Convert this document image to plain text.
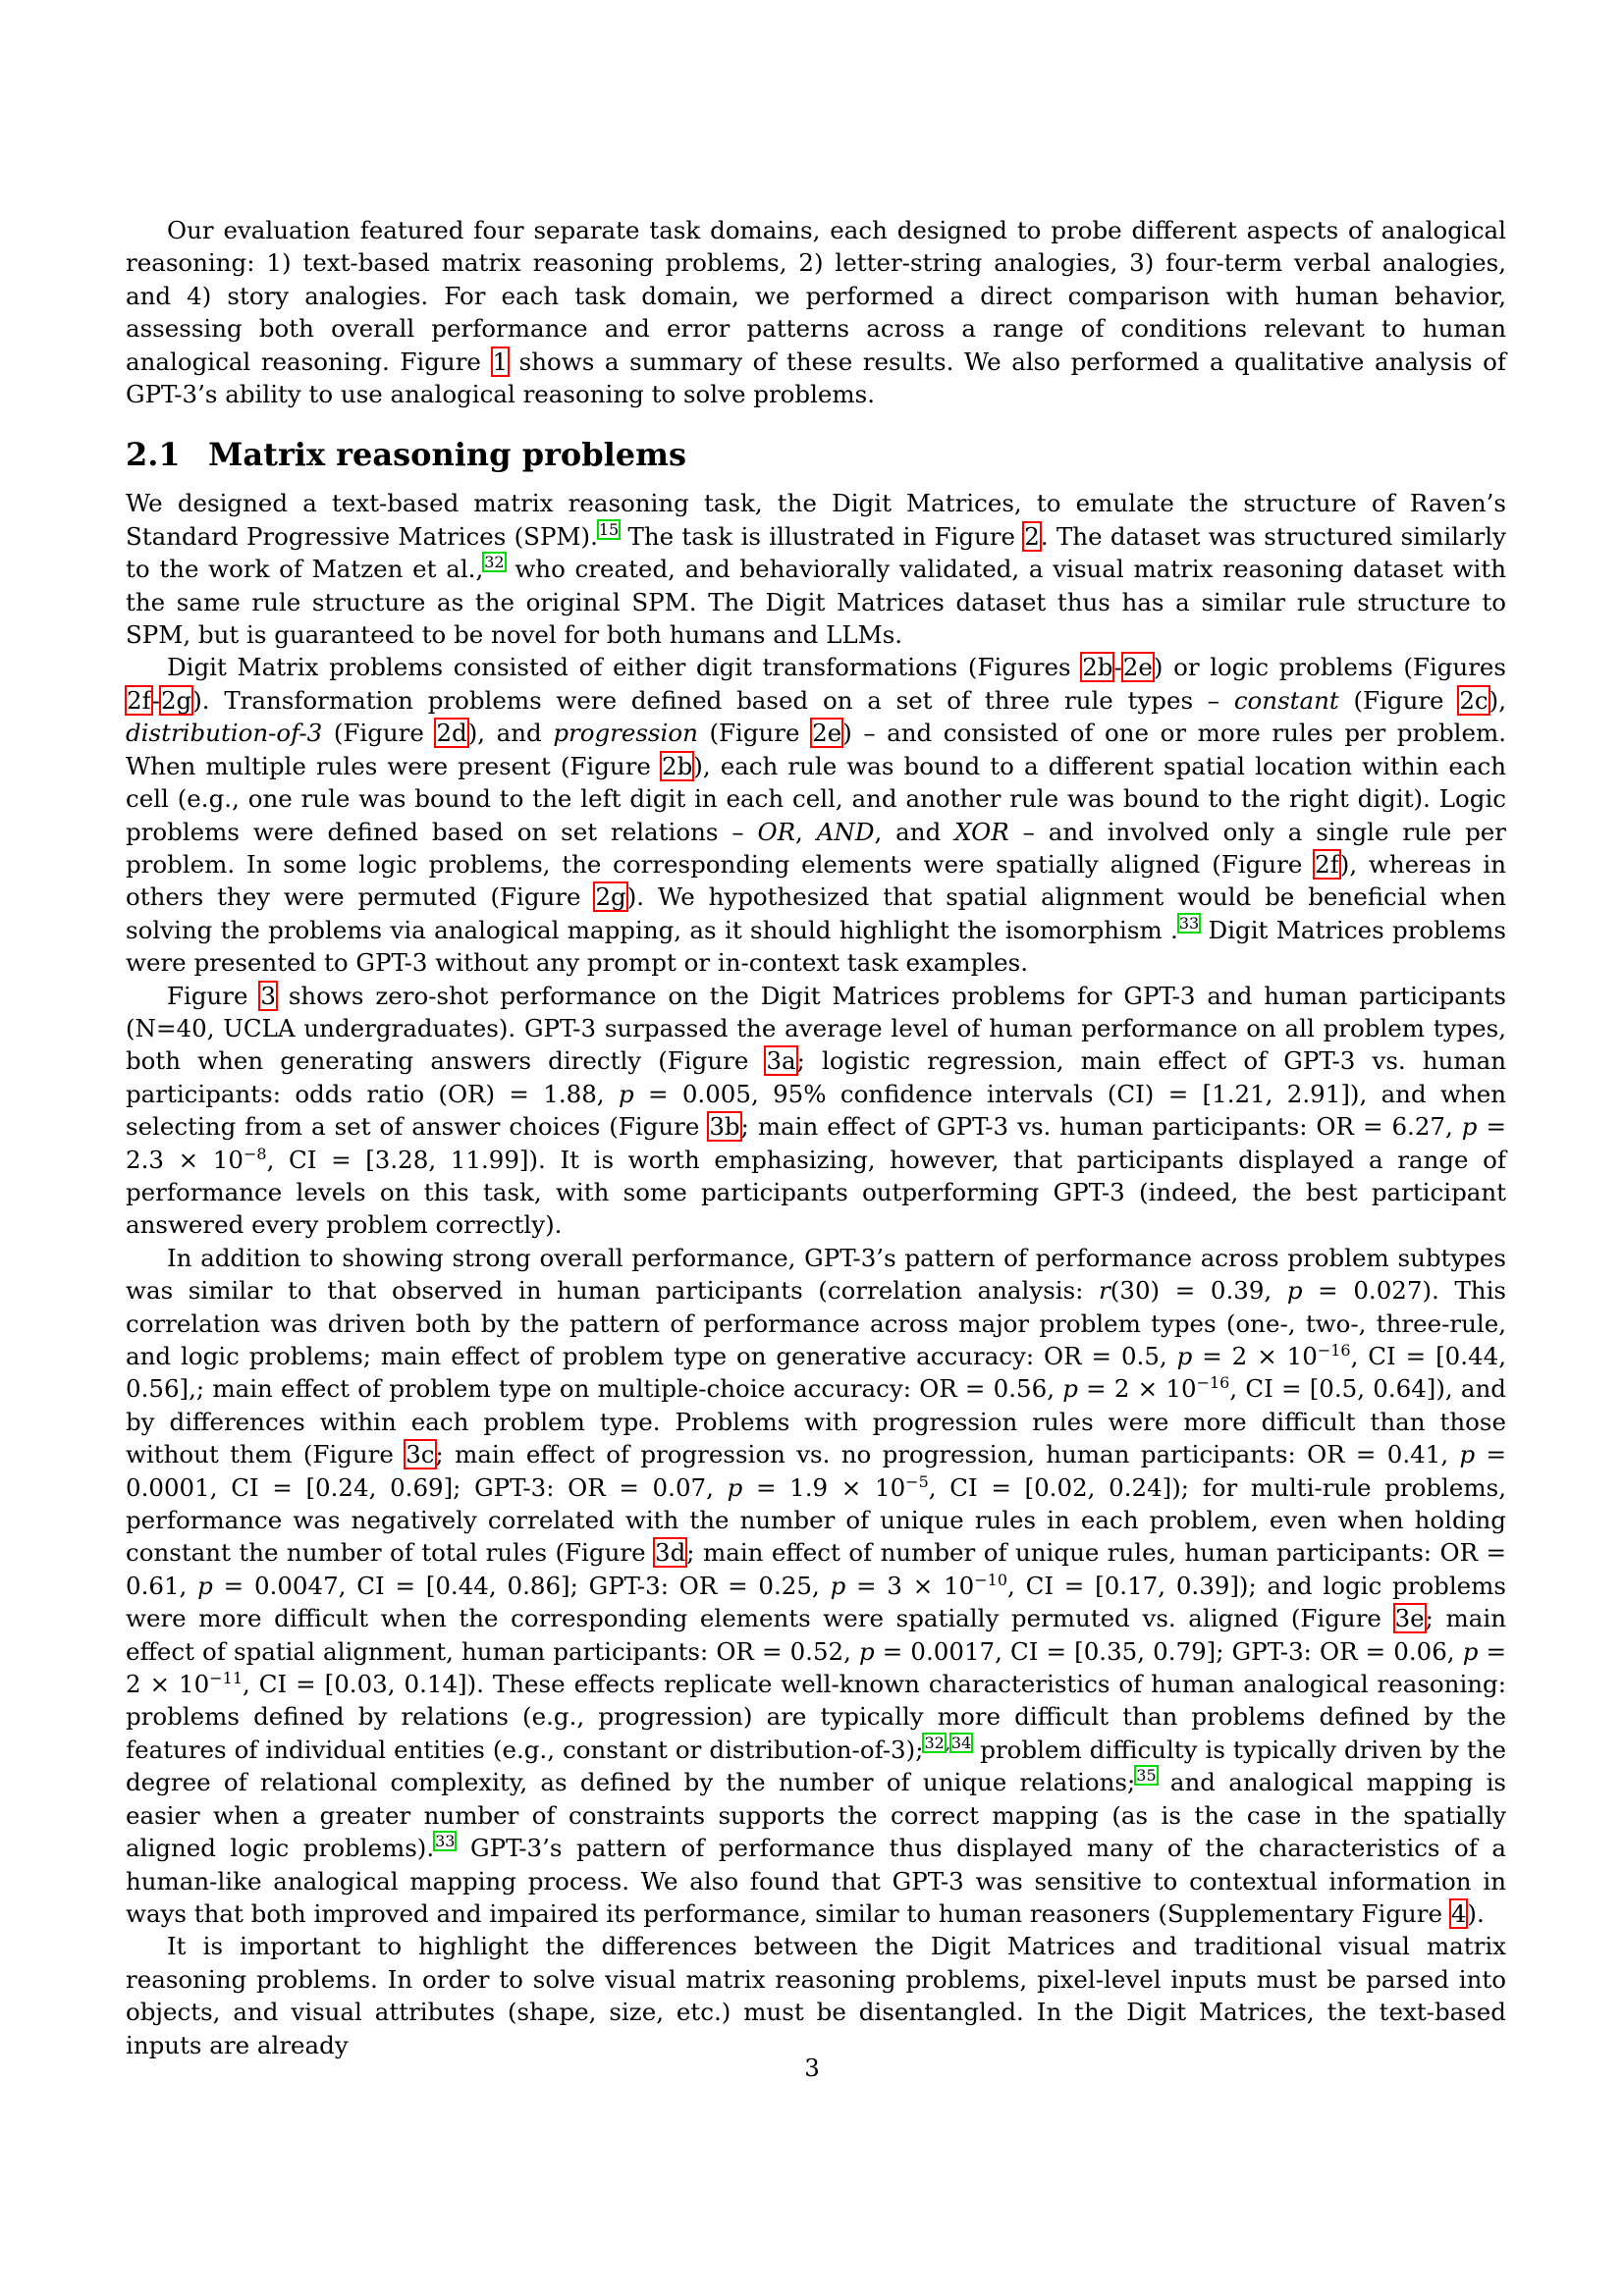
Our evaluation featured four separate task domains, each designed to probe different aspects of analogical reasoning: 1) text-based matrix reasoning problems, 2) letter-string analogies, 3) four-term verbal analogies, and 4) story analogies. For each task domain, we performed a direct comparison with human behavior, assessing both overall performance and error patterns across a range of conditions relevant to human analogical reasoning. Figure 1 shows a summary of these results. We also performed a qualitative analysis of GPT-3’s ability to use analogical reasoning to solve problems.

2.1 Matrix reasoning problems

We designed a text-based matrix reasoning task, the Digit Matrices, to emulate the structure of Raven’s Standard Progressive Matrices (SPM).$^{15}$ The task is illustrated in Figure 2. The dataset was structured similarly to the work of Matzen et al.,$^{32}$ who created, and behaviorally validated, a visual matrix reasoning dataset with the same rule structure as the original SPM. The Digit Matrices dataset thus has a similar rule structure to SPM, but is guaranteed to be novel for both humans and LLMs.

Digit Matrix problems consisted of either digit transformations (Figures 2b-2e) or logic problems (Figures 2f-2g). Transformation problems were defined based on a set of three rule types – constant (Figure 2c), distribution-of-3 (Figure 2d), and progression (Figure 2e) – and consisted of one or more rules per problem. When multiple rules were present (Figure 2b), each rule was bound to a different spatial location within each cell (e.g., one rule was bound to the left digit in each cell, and another rule was bound to the right digit). Logic problems were defined based on set relations – OR, AND, and XOR – and involved only a single rule per problem. In some logic problems, the corresponding elements were spatially aligned (Figure 2f), whereas in others they were permuted (Figure 2g). We hypothesized that spatial alignment would be beneficial when solving the problems via analogical mapping, as it should highlight the isomorphism .$^{33}$ Digit Matrices problems were presented to GPT-3 without any prompt or in-context task examples.

Figure 3 shows zero-shot performance on the Digit Matrices problems for GPT-3 and human participants (N=40, UCLA undergraduates). GPT-3 surpassed the average level of human performance on all problem types, both when generating answers directly (Figure 3a; logistic regression, main effect of GPT-3 vs. human participants: odds ratio (OR) = 1.88, p = 0.005, 95% confidence intervals (CI) = [1.21, 2.91]), and when selecting from a set of answer choices (Figure 3b; main effect of GPT-3 vs. human participants: OR = 6.27, $p = 2.3 \times 10^{-8}$, CI = [3.28, 11.99]). It is worth emphasizing, however, that participants displayed a range of performance levels on this task, with some participants outperforming GPT-3 (indeed, the best participant answered every problem correctly).

In addition to showing strong overall performance, GPT-3’s pattern of performance across problem subtypes was similar to that observed in human participants (correlation analysis: r(30) = 0.39, p = 0.027). This correlation was driven both by the pattern of performance across major problem types (one-, two-, three-rule, and logic problems; main effect of problem type on generative accuracy: OR = 0.5, $p = 2 \times 10^{-16}$, CI = [0.44, 0.56],; main effect of problem type on multiple-choice accuracy: OR = 0.56, $p = 2 \times 10^{-16}$, CI = [0.5, 0.64]), and by differences within each problem type. Problems with progression rules were more difficult than those without them (Figure 3c; main effect of progression vs. no progression, human participants: OR = 0.41, p = 0.0001, CI = [0.24, 0.69]; GPT-3: OR = 0.07, $p = 1.9 \times 10^{-5}$, CI = [0.02, 0.24]); for multi-rule problems, performance was negatively correlated with the number of unique rules in each problem, even when holding constant the number of total rules (Figure 3d; main effect of number of unique rules, human participants: OR = 0.61, p = 0.0047, CI = [0.44, 0.86]; GPT-3: OR = 0.25, $p = 3 \times 10^{-10}$, CI = [0.17, 0.39]); and logic problems were more difficult when the corresponding elements were spatially permuted vs. aligned (Figure 3e; main effect of spatial alignment, human participants: OR = 0.52, p = 0.0017, CI = [0.35, 0.79]; GPT-3: OR = 0.06, $p = 2 \times 10^{-11}$, CI = [0.03, 0.14]). These effects replicate well-known characteristics of human analogical reasoning: problems defined by relations (e.g., progression) are typically more difficult than problems defined by the features of individual entities (e.g., constant or distribution-of-3);$^{32,34}$ problem difficulty is typically driven by the degree of relational complexity, as defined by the number of unique relations;$^{35}$ and analogical mapping is easier when a greater number of constraints supports the correct mapping (as is the case in the spatially aligned logic problems).$^{33}$ GPT-3’s pattern of performance thus displayed many of the characteristics of a human-like analogical mapping process. We also found that GPT-3 was sensitive to contextual information in ways that both improved and impaired its performance, similar to human reasoners (Supplementary Figure 4).

It is important to highlight the differences between the Digit Matrices and traditional visual matrix reasoning problems. In order to solve visual matrix reasoning problems, pixel-level inputs must be parsed into objects, and visual attributes (shape, size, etc.) must be disentangled. In the Digit Matrices, the text-based inputs are already

3
